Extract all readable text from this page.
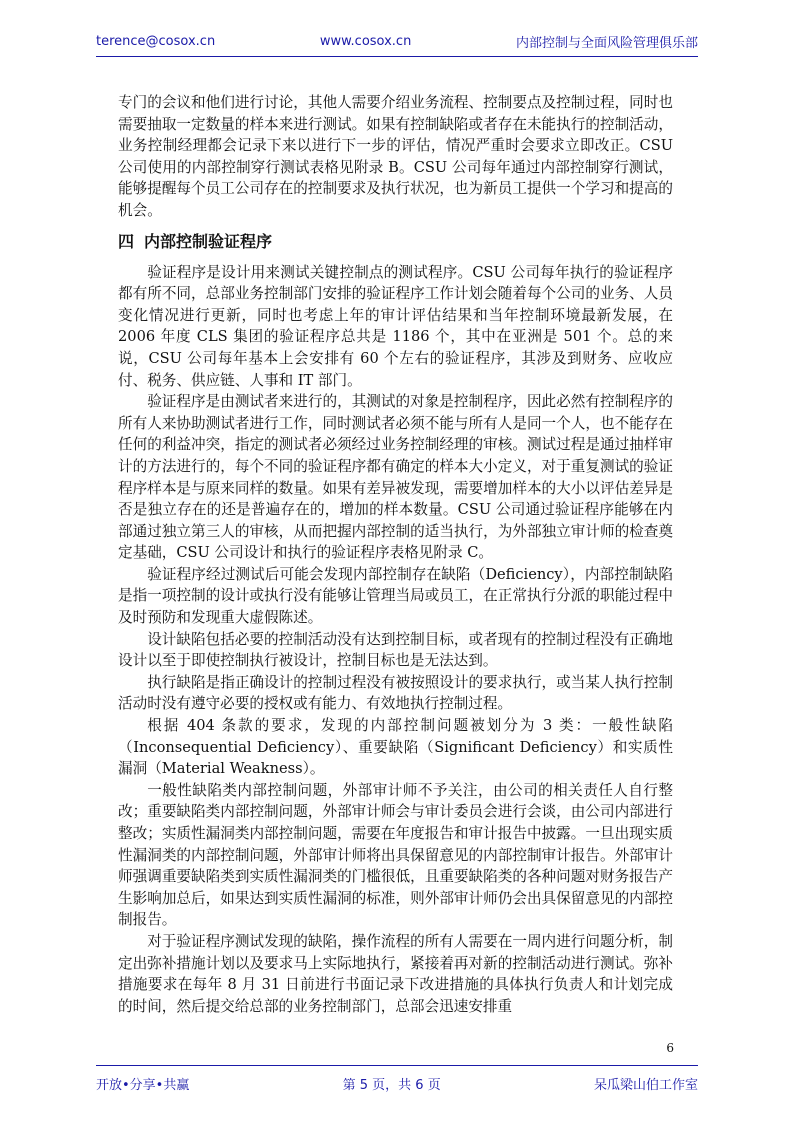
terence@cosox.cn	www.cosox.cn	内部控制与全面风险管理俱乐部

专门的会议和他们进行讨论，其他人需要介绍业务流程、控制要点及控制过程，同时也需要抽取一定数量的样本来进行测试。如果有控制缺陷或者存在未能执行的控制活动，业务控制经理都会记录下来以进行下一步的评估，情况严重时会要求立即改正。CSU 公司使用的内部控制穿行测试表格见附录 B。CSU 公司每年通过内部控制穿行测试，能够提醒每个员工公司存在的控制要求及执行状况，也为新员工提供一个学习和提高的机会。

四 内部控制验证程序

验证程序是设计用来测试关键控制点的测试程序。CSU 公司每年执行的验证程序都有所不同，总部业务控制部门安排的验证程序工作计划会随着每个公司的业务、人员变化情况进行更新，同时也考虑上年的审计评估结果和当年控制环境最新发展，在 2006 年度 CLS 集团的验证程序总共是 1186 个，其中在亚洲是 501 个。总的来说，CSU 公司每年基本上会安排有 60 个左右的验证程序，其涉及到财务、应收应付、税务、供应链、人事和 IT 部门。

验证程序是由测试者来进行的，其测试的对象是控制程序，因此必然有控制程序的所有人来协助测试者进行工作，同时测试者必须不能与所有人是同一个人，也不能存在任何的利益冲突，指定的测试者必须经过业务控制经理的审核。测试过程是通过抽样审计的方法进行的，每个不同的验证程序都有确定的样本大小定义，对于重复测试的验证程序样本是与原来同样的数量。如果有差异被发现，需要增加样本的大小以评估差异是否是独立存在的还是普遍存在的，增加的样本数量。CSU 公司通过验证程序能够在内部通过独立第三人的审核，从而把握内部控制的适当执行，为外部独立审计师的检查奠定基础，CSU 公司设计和执行的验证程序表格见附录 C。

验证程序经过测试后可能会发现内部控制存在缺陷（Deficiency），内部控制缺陷是指一项控制的设计或执行没有能够让管理当局或员工，在正常执行分派的职能过程中及时预防和发现重大虚假陈述。

设计缺陷包括必要的控制活动没有达到控制目标，或者现有的控制过程没有正确地设计以至于即使控制执行被设计，控制目标也是无法达到。

执行缺陷是指正确设计的控制过程没有被按照设计的要求执行，或当某人执行控制活动时没有遵守必要的授权或有能力、有效地执行控制过程。

根据 404 条款的要求，发现的内部控制问题被划分为 3 类：一般性缺陷（Inconsequential Deficiency）、重要缺陷（Significant Deficiency）和实质性漏洞（Material Weakness）。

一般性缺陷类内部控制问题，外部审计师不予关注，由公司的相关责任人自行整改；重要缺陷类内部控制问题，外部审计师会与审计委员会进行会谈，由公司内部进行整改；实质性漏洞类内部控制问题，需要在年度报告和审计报告中披露。一旦出现实质性漏洞类的内部控制问题，外部审计师将出具保留意见的内部控制审计报告。外部审计师强调重要缺陷类到实质性漏洞类的门槛很低，且重要缺陷类的各种问题对财务报告产生影响加总后，如果达到实质性漏洞的标准，则外部审计师仍会出具保留意见的内部控制报告。

对于验证程序测试发现的缺陷，操作流程的所有人需要在一周内进行问题分析，制定出弥补措施计划以及要求马上实际地执行，紧接着再对新的控制活动进行测试。弥补措施要求在每年 8 月 31 日前进行书面记录下改进措施的具体执行负责人和计划完成的时间，然后提交给总部的业务控制部门，总部会迅速安排重

6
开放•分享•共赢	第 5 页，共 6 页	呆瓜梁山伯工作室
